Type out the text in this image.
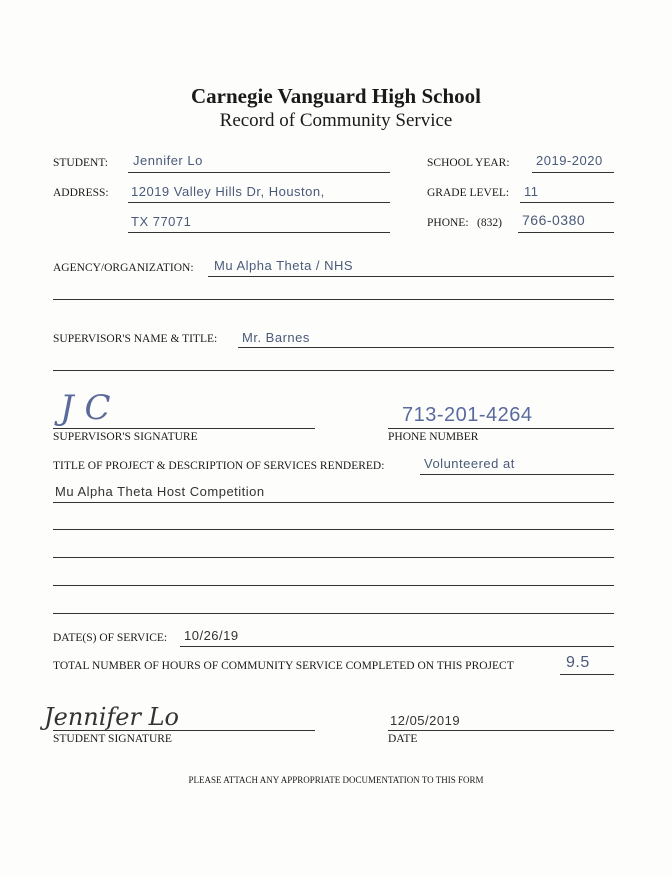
Carnegie Vanguard High School
Record of Community Service
STUDENT: Jennifer Lo
ADDRESS: 12019 Valley Hills Dr, Houston,
TX 77071
SCHOOL YEAR: 2019-2020
GRADE LEVEL: 11
PHONE: (832) 766-0380
AGENCY/ORGANIZATION: Mu Alpha Theta / NHS
SUPERVISOR'S NAME & TITLE: Mr. Barnes
J C
SUPERVISOR'S SIGNATURE
713-201-4264
PHONE NUMBER
TITLE OF PROJECT & DESCRIPTION OF SERVICES RENDERED:	Volunteered at
Mu Alpha Theta Host Competition
DATE(S) OF SERVICE: 10/26/19
TOTAL NUMBER OF HOURS OF COMMUNITY SERVICE COMPLETED ON THIS PROJECT	9.5
Jennifer Lo
STUDENT SIGNATURE
12/05/2019
DATE
PLEASE ATTACH ANY APPROPRIATE DOCUMENTATION TO THIS FORM
